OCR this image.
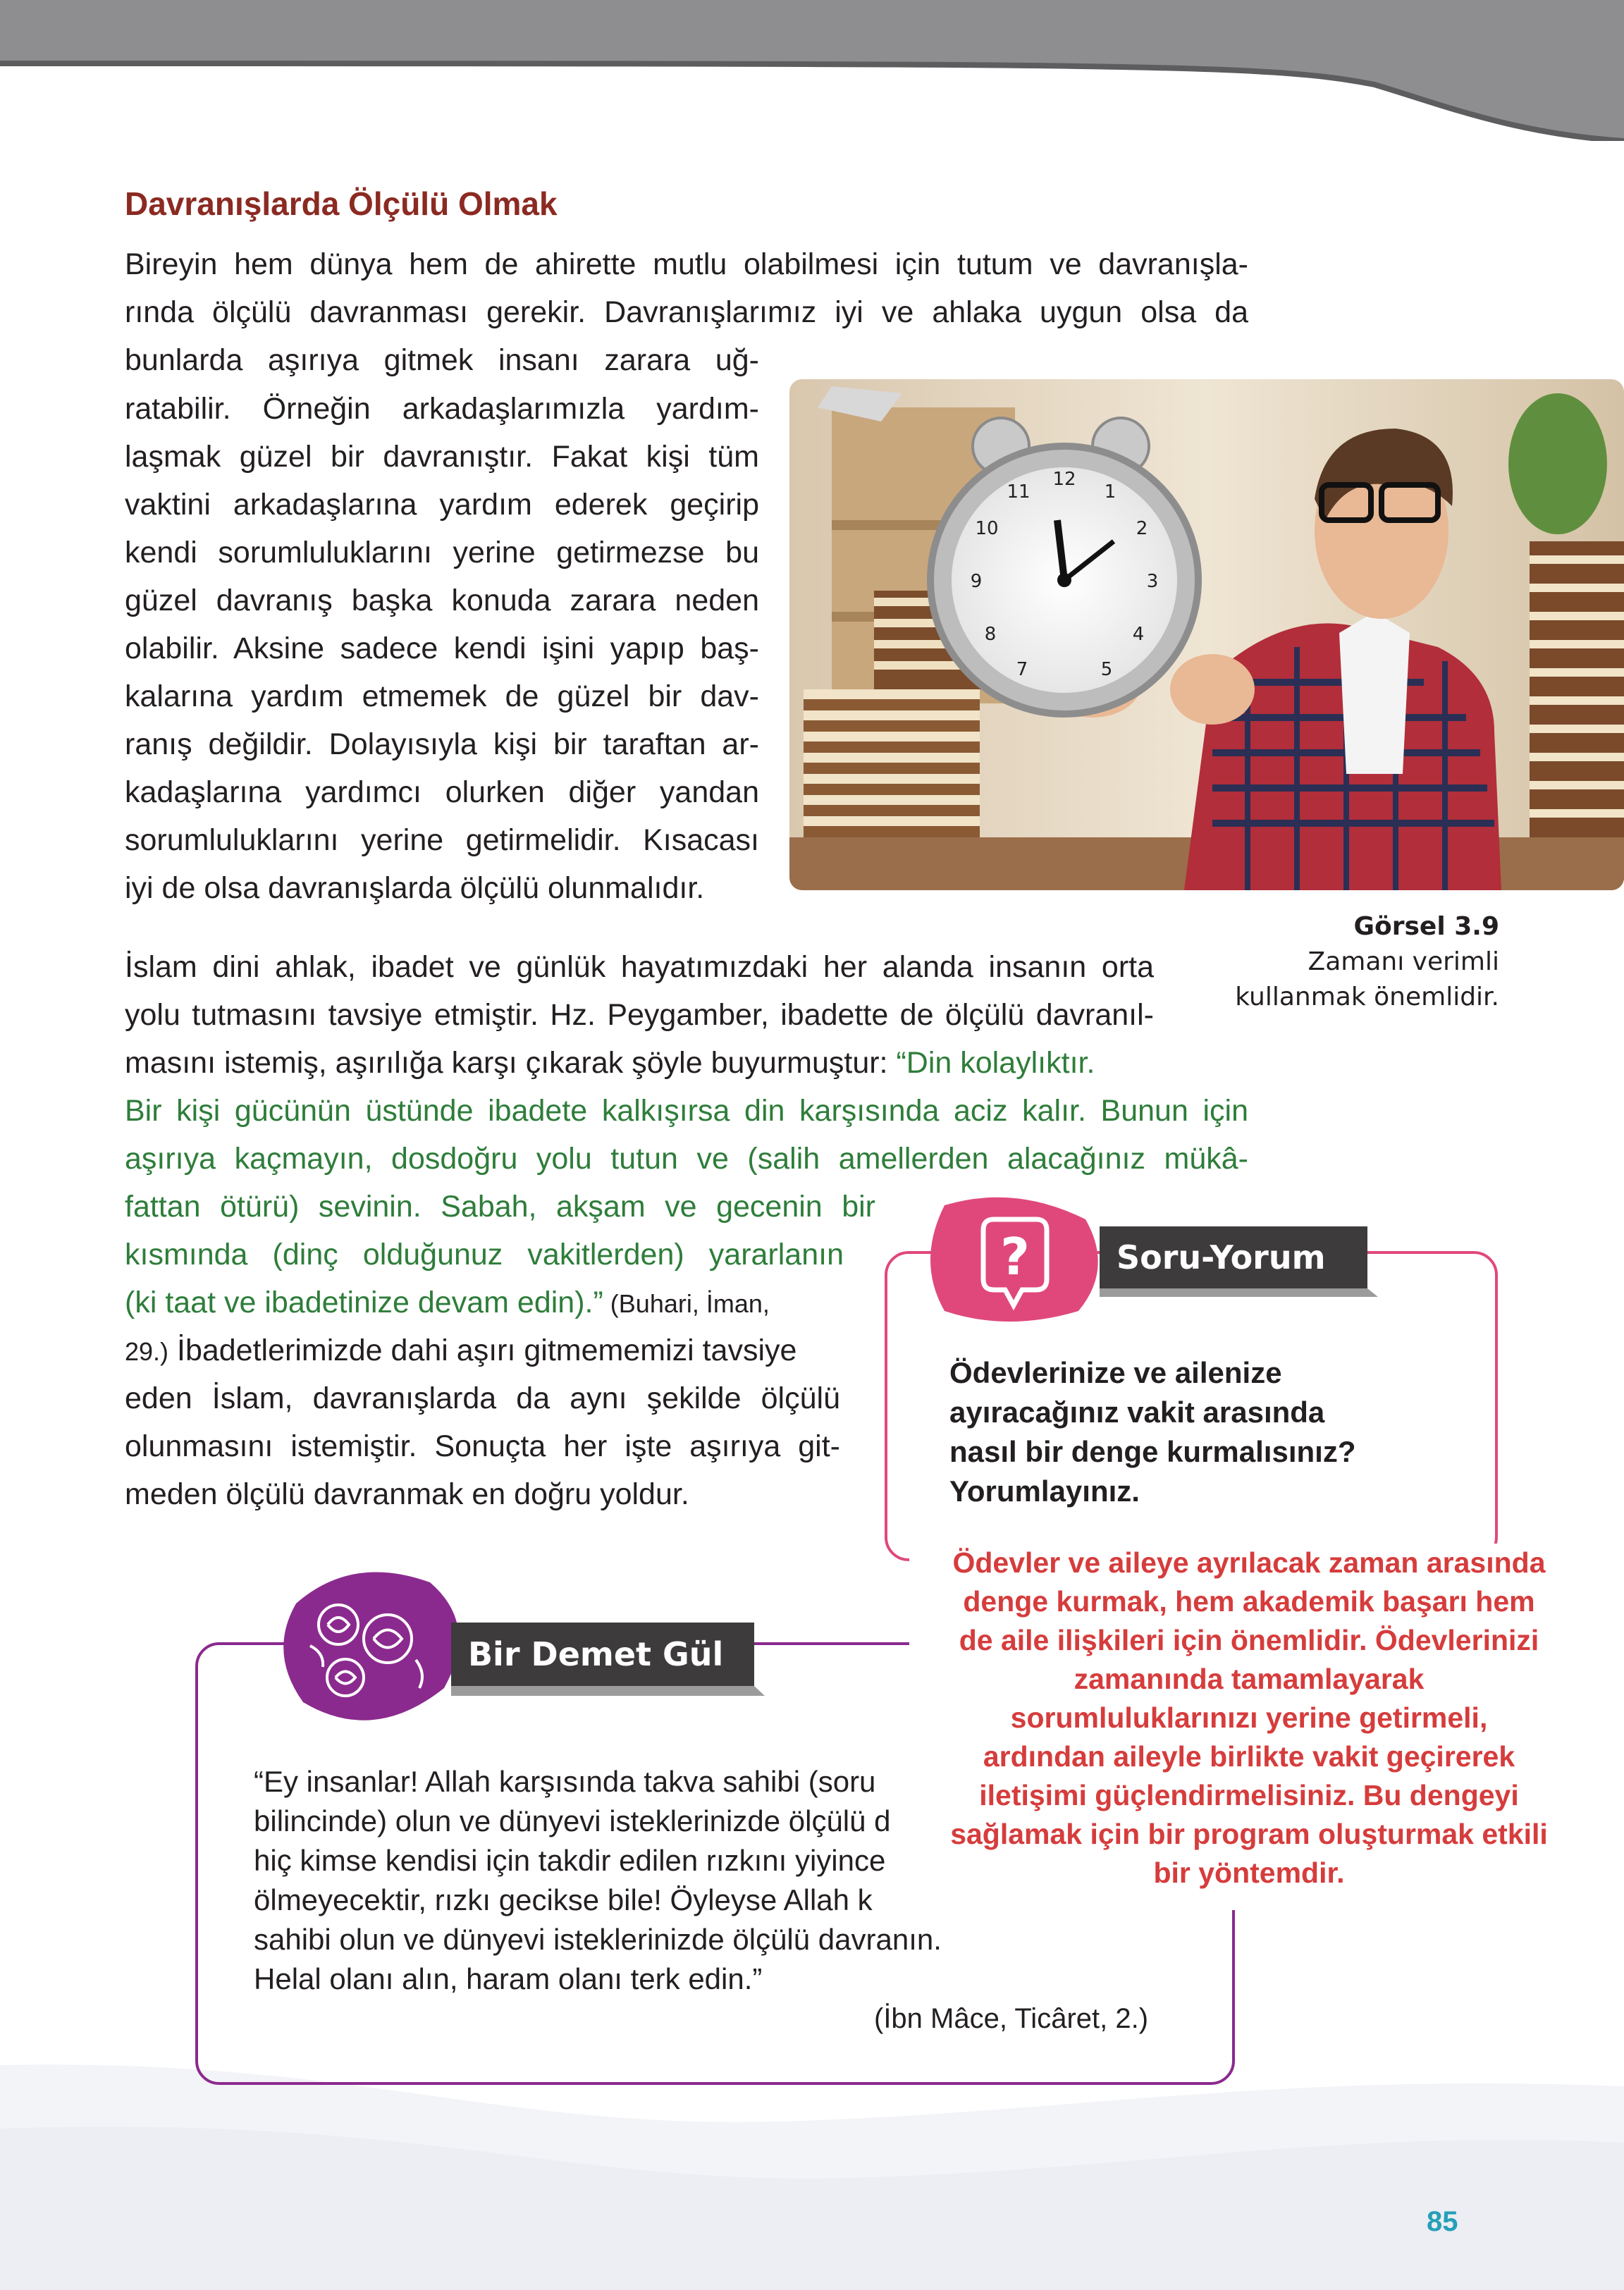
Davranışlarda Ölçülü Olmak
Bireyin hem dünya hem de ahirette mutlu olabilmesi için tutum ve davranışla-
rında ölçülü davranması gerekir. Davranışlarımız iyi ve ahlaka uygun olsa da
bunlarda aşırıya gitmek insanı zarara uğ-
ratabilir. Örneğin arkadaşlarımızla yardım-
laşmak güzel bir davranıştır. Fakat kişi tüm
vaktini arkadaşlarına yardım ederek geçirip
kendi sorumluluklarını yerine getirmezse bu
güzel davranış başka konuda zarara neden
olabilir. Aksine sadece kendi işini yapıp baş-
kalarına yardım etmemek de güzel bir dav-
ranış değildir. Dolayısıyla kişi bir taraftan ar-
kadaşlarına yardımcı olurken diğer yandan
sorumluluklarını yerine getirmelidir. Kısacası
iyi de olsa davranışlarda ölçülü olunmalıdır.
12
11
10
9
8
7	5
4
3
2
1
Görsel 3.9
Zamanı verimli
kullanmak önemlidir.
İslam dini ahlak, ibadet ve günlük hayatımızdaki her alanda insanın orta
yolu tutmasını tavsiye etmiştir. Hz. Peygamber, ibadette de ölçülü davranıl-
masını istemiş, aşırılığa karşı çıkarak şöyle buyurmuştur: “Din kolaylıktır.
Bir kişi gücünün üstünde ibadete kalkışırsa din karşısında aciz kalır. Bunun için
aşırıya kaçmayın, dosdoğru yolu tutun ve (salih amellerden alacağınız mükâ-
fattan ötürü) sevinin. Sabah, akşam ve gecenin bir
kısmında (dinç olduğunuz vakitlerden) yararlanın
(ki taat ve ibadetinize devam edin).” (Buhari, İman,
29.) İbadetlerimizde dahi aşırı gitmememizi tavsiye
eden İslam, davranışlarda da aynı şekilde ölçülü
olunmasını istemiştir. Sonuçta her işte aşırıya git-
meden ölçülü davranmak en doğru yoldur.
?	Soru-Yorum
Ödevlerinize ve ailenize
ayıracağınız vakit arasında
nasıl bir denge kurmalısınız?
Yorumlayınız.
Bir Demet Gül
“Ey insanlar! Allah karşısında takva sahibi (soru
bilincinde) olun ve dünyevi isteklerinizde ölçülü d
hiç kimse kendisi için takdir edilen rızkını yiyince
ölmeyecektir, rızkı gecikse bile! Öyleyse Allah k
sahibi olun ve dünyevi isteklerinizde ölçülü davranın.
Helal olanı alın, haram olanı terk edin.”
(İbn Mâce, Ticâret, 2.)
Ödevler ve aileye ayrılacak zaman arasında
denge kurmak, hem akademik başarı hem
de aile ilişkileri için önemlidir. Ödevlerinizi
zamanında tamamlayarak
sorumluluklarınızı yerine getirmeli,
ardından aileyle birlikte vakit geçirerek
iletişimi güçlendirmelisiniz. Bu dengeyi
sağlamak için bir program oluşturmak etkili
bir yöntemdir.
85
